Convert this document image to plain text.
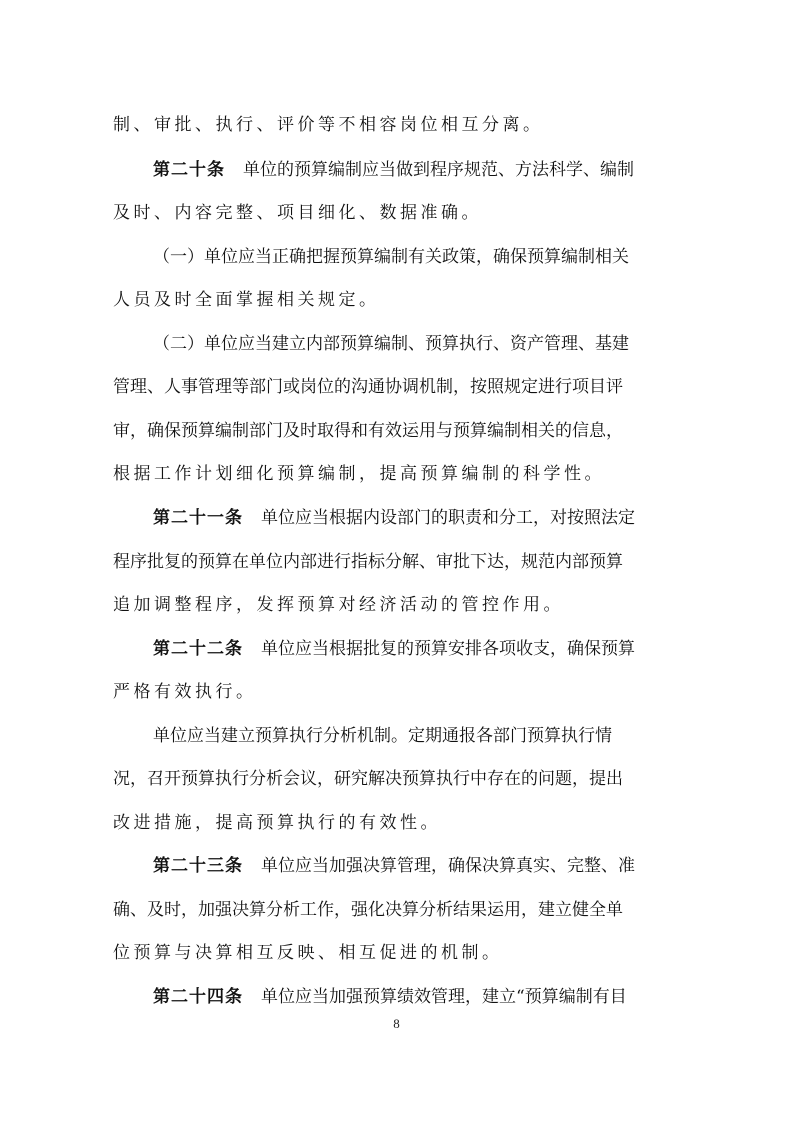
制、审批、执行、评价等不相容岗位相互分离。
第二十条 单位的预算编制应当做到程序规范、方法科学、编制
及时、内容完整、项目细化、数据准确。
（一）单位应当正确把握预算编制有关政策，确保预算编制相关
人员及时全面掌握相关规定。
（二）单位应当建立内部预算编制、预算执行、资产管理、基建
管理、人事管理等部门或岗位的沟通协调机制，按照规定进行项目评
审，确保预算编制部门及时取得和有效运用与预算编制相关的信息，
根据工作计划细化预算编制，提高预算编制的科学性。
第二十一条 单位应当根据内设部门的职责和分工，对按照法定
程序批复的预算在单位内部进行指标分解、审批下达，规范内部预算
追加调整程序，发挥预算对经济活动的管控作用。
第二十二条 单位应当根据批复的预算安排各项收支，确保预算
严格有效执行。
单位应当建立预算执行分析机制。定期通报各部门预算执行情
况，召开预算执行分析会议，研究解决预算执行中存在的问题，提出
改进措施，提高预算执行的有效性。
第二十三条 单位应当加强决算管理，确保决算真实、完整、准
确、及时，加强决算分析工作，强化决算分析结果运用，建立健全单
位预算与决算相互反映、相互促进的机制。
第二十四条 单位应当加强预算绩效管理，建立“预算编制有目
8
